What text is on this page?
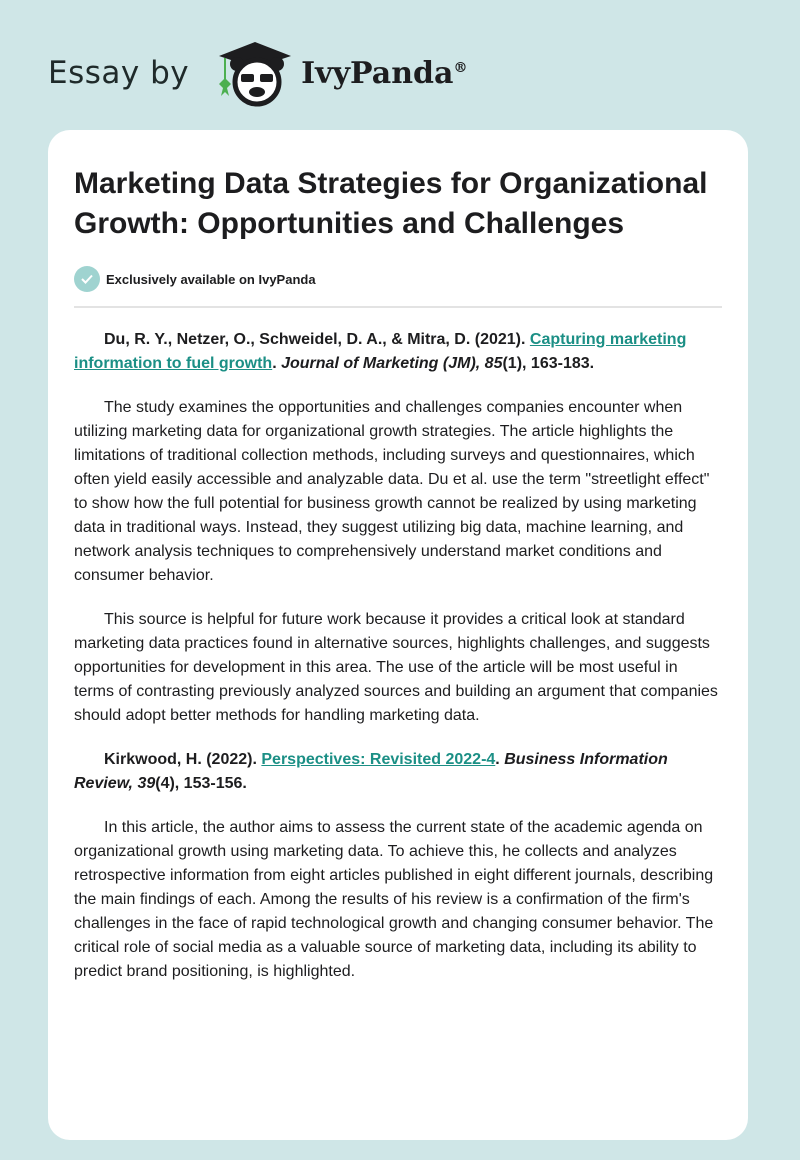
Essay by	IvyPanda®
Marketing Data Strategies for Organizational Growth: Opportunities and Challenges
Exclusively available on IvyPanda

Du, R. Y., Netzer, O., Schweidel, D. A., & Mitra, D. (2021). Capturing marketing information to fuel growth. Journal of Marketing (JM), 85(1), 163-183.

The study examines the opportunities and challenges companies encounter when utilizing marketing data for organizational growth strategies. The article highlights the limitations of traditional collection methods, including surveys and questionnaires, which often yield easily accessible and analyzable data. Du et al. use the term "streetlight effect" to show how the full potential for business growth cannot be realized by using marketing data in traditional ways. Instead, they suggest utilizing big data, machine learning, and network analysis techniques to comprehensively understand market conditions and consumer behavior.

This source is helpful for future work because it provides a critical look at standard marketing data practices found in alternative sources, highlights challenges, and suggests opportunities for development in this area. The use of the article will be most useful in terms of contrasting previously analyzed sources and building an argument that companies should adopt better methods for handling marketing data.

Kirkwood, H. (2022). Perspectives: Revisited 2022-4. Business Information Review, 39(4), 153-156.

In this article, the author aims to assess the current state of the academic agenda on organizational growth using marketing data. To achieve this, he collects and analyzes retrospective information from eight articles published in eight different journals, describing the main findings of each. Among the results of his review is a confirmation of the firm's challenges in the face of rapid technological growth and changing consumer behavior. The critical role of social media as a valuable source of marketing data, including its ability to predict brand positioning, is highlighted.
